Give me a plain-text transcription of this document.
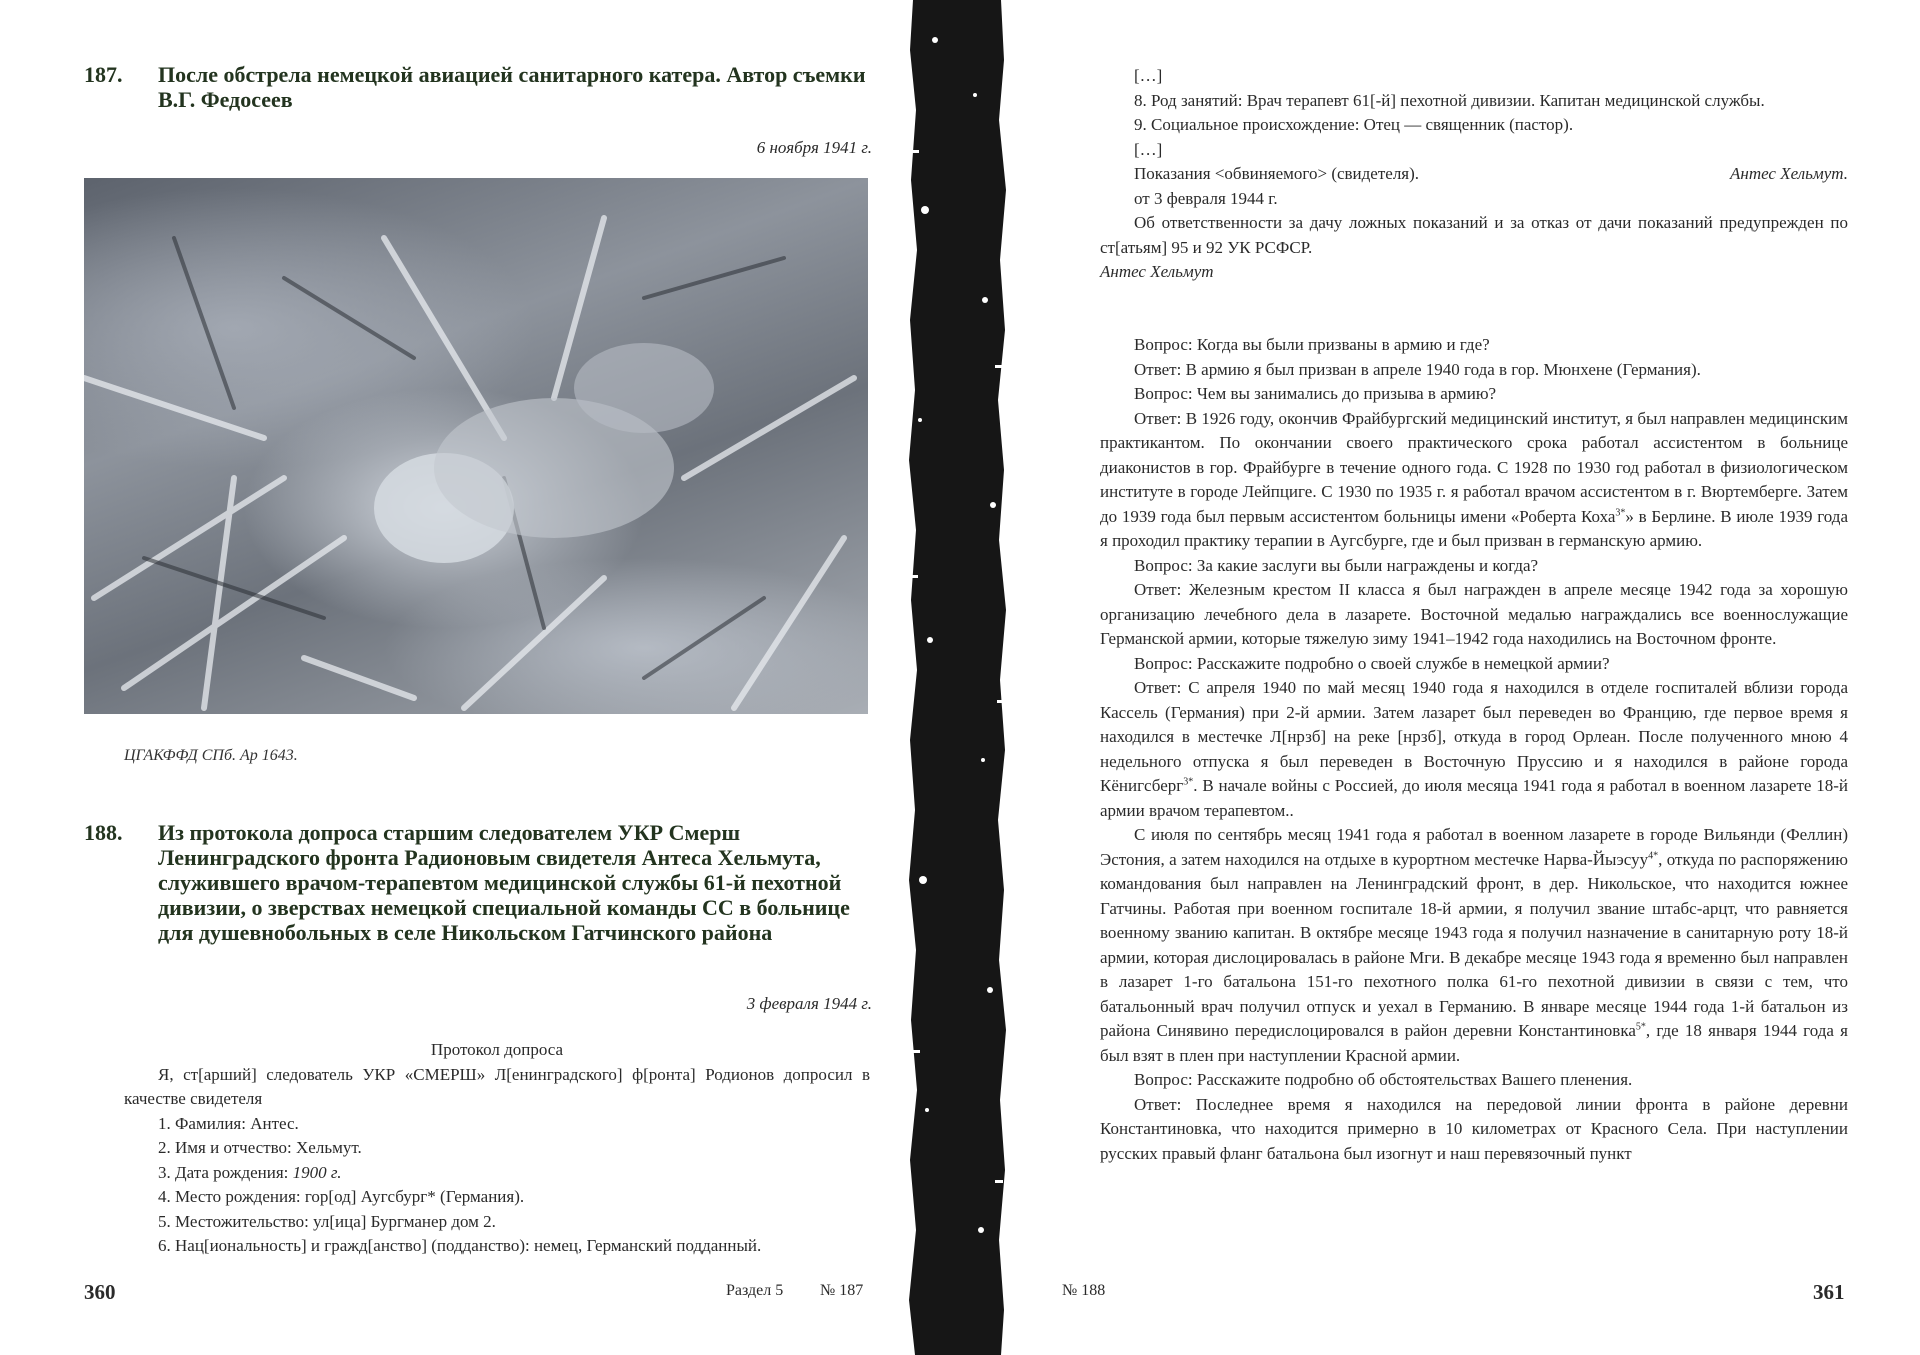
187.	После обстрела немецкой авиацией санитарного катера. Автор съемки В.Г. Федосеев
6 ноября 1941 г.
ЦГАКФФД СПб. Ар 1643.
188.	Из протокола допроса старшим следователем УКР Смерш Ленинградского фронта Радионовым свидетеля Антеса Хельмута, служившего врачом-терапевтом медицинской службы 61-й пехотной дивизии, о зверствах немецкой специальной команды СС в больнице для душевнобольных в селе Никольском Гатчинского района
3 февраля 1944 г.

Протокол допроса

Я, ст[арший] следователь УКР «СМЕРШ» Л[енинградского] ф[ронта] Родионов допросил в качестве свидетеля

1. Фамилия: Антес.

2. Имя и отчество: Хельмут.

3. Дата рождения: 1900 г.

4. Место рождения: гор[од] Аугсбург* (Германия).

5. Местожительство: ул[ица] Бургманер дом 2.

6. Нац[иональность] и гражд[анство] (подданство): немец, Германский подданный.

360	Раздел 5 № 187

[…]

8. Род занятий: Врач терапевт 61[-й] пехотной дивизии. Капитан медицинской службы.

9. Социальное происхождение: Отец — священник (пастор).

[…]

Показания <обвиняемого> (свидетеля).	Антес Хельмут.

от 3 февраля 1944 г.

Об ответственности за дачу ложных показаний и за отказ от дачи показаний предупрежден по ст[атьям] 95 и 92 УК РСФСР.

Антес Хельмут

Вопрос: Когда вы были призваны в армию и где?

Ответ: В армию я был призван в апреле 1940 года в гор. Мюнхене (Германия).

Вопрос: Чем вы занимались до призыва в армию?

Ответ: В 1926 году, окончив Фрайбургский медицинский институт, я был направлен медицинским практикантом. По окончании своего практического срока работал ассистентом в больнице диаконистов в гор. Фрайбурге в течение одного года. С 1928 по 1930 год работал в физиологическом институте в городе Лейпциге. С 1930 по 1935 г. я работал врачом ассистентом в г. Вюртемберге. Затем до 1939 года был первым ассистентом больницы имени «Роберта Коха$^{3*}$» в Берлине. В июле 1939 года я проходил практику терапии в Аугсбурге, где и был призван в германскую армию.

Вопрос: За какие заслуги вы были награждены и когда?

Ответ: Железным крестом II класса я был награжден в апреле месяце 1942 года за хорошую организацию лечебного дела в лазарете. Восточной медалью награждались все военнослужащие Германской армии, которые тяжелую зиму 1941–1942 года находились на Восточном фронте.

Вопрос: Расскажите подробно о своей службе в немецкой армии?

Ответ: С апреля 1940 по май месяц 1940 года я находился в отделе госпиталей вблизи города Кассель (Германия) при 2-й армии. Затем лазарет был переведен во Францию, где первое время я находился в местечке Л[нрзб] на реке [нрзб], откуда в город Орлеан. После полученного мною 4 недельного отпуска я был переведен в Восточную Пруссию и я находился в районе города Кёнигсберг$^{3*}$. В начале войны с Россией, до июля месяца 1941 года я работал в военном лазарете 18-й армии врачом терапевтом..

С июля по сентябрь месяц 1941 года я работал в военном лазарете в городе Вильянди (Феллин) Эстония, а затем находился на отдыхе в курортном местечке Нарва-Йыэсуу$^{4*}$, откуда по распоряжению командования был направлен на Ленинградский фронт, в дер. Никольское, что находится южнее Гатчины. Работая при военном госпитале 18-й армии, я получил звание штабс-арцт, что равняется военному званию капитан. В октябре месяце 1943 года я получил назначение в санитарную роту 18-й армии, которая дислоцировалась в районе Мги. В декабре месяце 1943 года я временно был направлен в лазарет 1-го батальона 151-го пехотного полка 61-го пехотной дивизии в связи с тем, что батальонный врач получил отпуск и уехал в Германию. В январе месяце 1944 года 1-й батальон из района Синявино передислоцировался в район деревни Константиновка$^{5*}$, где 18 января 1944 года я был взят в плен при наступлении Красной армии.

Вопрос: Расскажите подробно об обстоятельствах Вашего пленения.

Ответ: Последнее время я находился на передовой линии фронта в районе деревни Константиновка, что находится примерно в 10 километрах от Красного Села. При наступлении русских правый фланг батальона был изогнут и наш перевязочный пункт

№ 188	361
